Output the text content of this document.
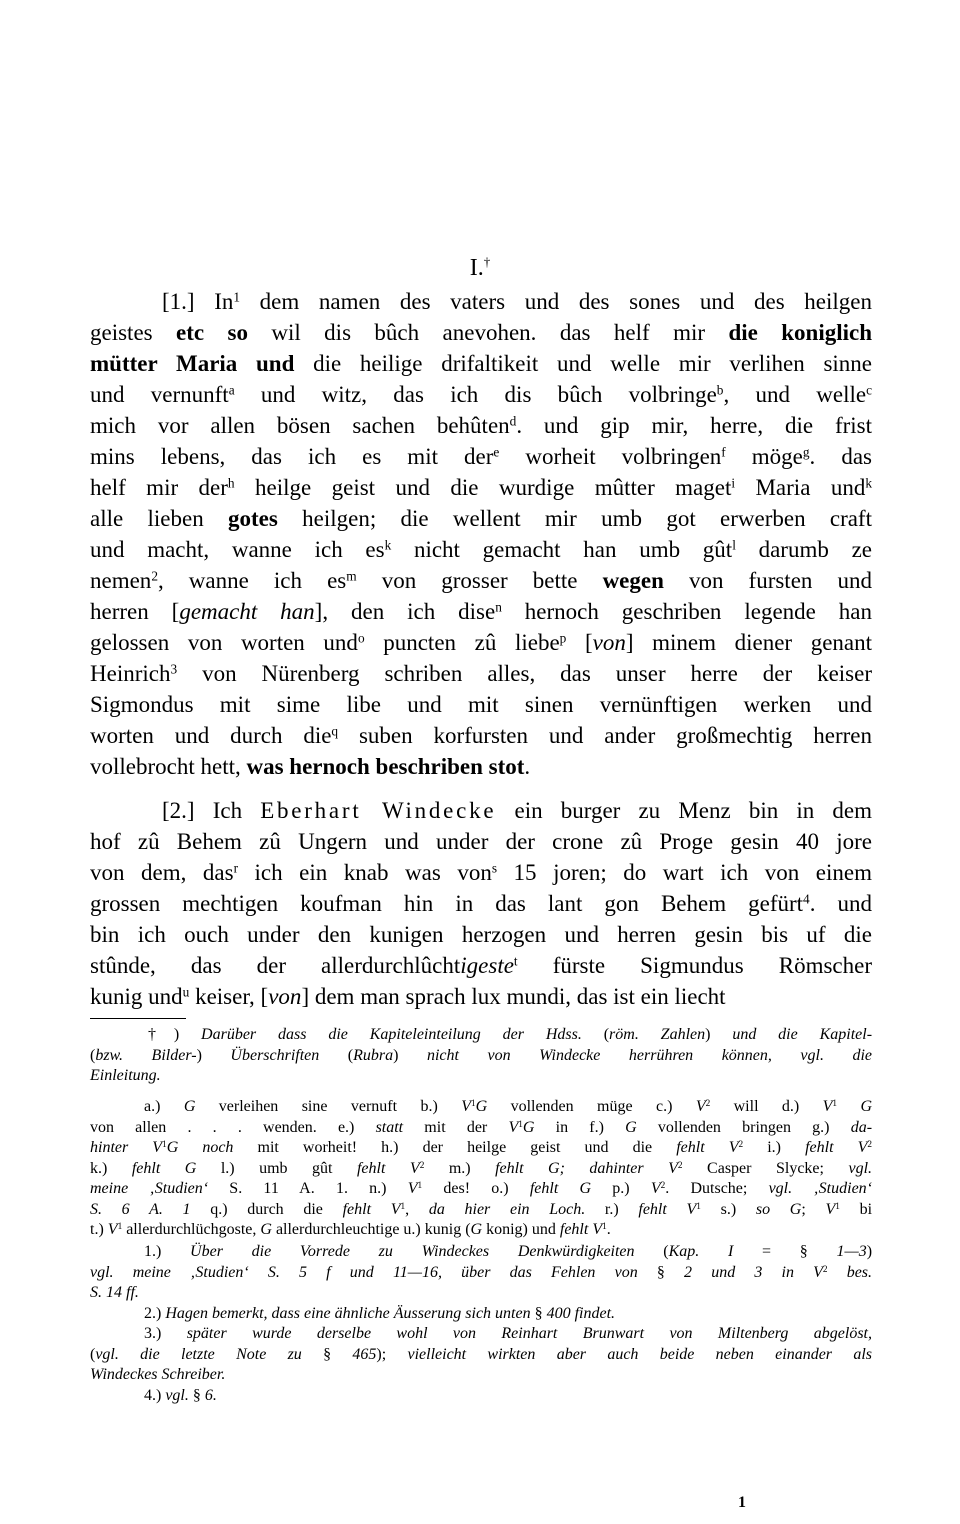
I.†
[1.] In$^1$ dem namen des vaters und des sones und des heilgen
geistes etc so wil dis bûch anevohen. das helf mir die koniglich
mütter Maria und die heilige drifaltikeit und welle mir verlihen sinne
und vernunft$^a$ und witz, das ich dis bûch volbringe$^b$, und welle$^c$
mich vor allen bösen sachen behûten$^d$. und gip mir, herre, die frist
mins lebens, das ich es mit der$^e$ worheit volbringen$^f$ möge$^g$. das
helf mir der$^h$ heilge geist und die wurdige mûtter maget$^i$ Maria und$^k$
alle lieben gotes heilgen; die wellent mir umb got erwerben craft
und macht, wanne ich $es^k$ nicht gemacht han umb gût$^l$ darumb ze
nemen$^2$, wanne ich $es^m$ von grosser bette wegen von fursten und
herren [gemacht han], den ich dise$^n$ hernoch geschriben legende han
gelossen von worten und$^o$ puncten zû liebe$^p$ [von] minem diener genant
Heinrich$^3$ von Nürenberg schriben alles, das unser herre der keiser
Sigmondus mit sime libe und mit sinen vernünftigen werken und
worten und durch die$^q$ suben korfursten und ander großmechtig herren
vollebrocht hett, was hernoch beschriben stot.
[2.] Ich Eberhart Windecke ein burger zu Menz bin in dem
hof zû Behem zû Ungern und under der crone zû Proge gesin 40 jore
von dem, das$^r$ ich ein knab was von$^s$ 15 joren; do wart ich von einem
grossen mechtigen koufman hin in das lant gon Behem gefürt$^4$. und
bin ich ouch under den kunigen herzogen und herren gesin bis uf die
stûnde, das der allerdurchlûchtigeste$^t$ fürste Sigmundus Römscher
kunig und$^u$ keiser, [von] dem man sprach lux mundi, das ist ein liecht
†) Darüber dass die Kapiteleinteilung der Hdss. (röm. Zahlen) und die Kapitel-
(bzw. Bilder-) Überschriften (Rubra) nicht von Windecke herrühren können, vgl. die
Einleitung.
a.) G verleihen sine vernuft b.) $V^1G$ vollenden müge c.) $V^2$ will d.) $V^1$ G
von allen . . . wenden. e.) statt mit der $V^1G$ in f.) G vollenden bringen g.) da-
hinter $V^1G$ noch mit worheit! h.) der heilge geist und die fehlt $V^2$ i.) fehlt $V^2$
k.) fehlt G l.) umb gût fehlt $V^2$ m.) fehlt G; dahinter $V^2$ Casper Slycke; vgl.
meine ‚Studien‘ S. 11 A. 1. n.) $V^1$ des! o.) fehlt G p.) $V^2$. Dutsche; vgl. ‚Studien‘
S. 6 A. 1 q.) durch die fehlt $V^1$, da hier ein Loch. r.) fehlt $V^1$ s.) so G; $V^1$ bi
t.) $V^1$ allerdurchlüchgoste, G allerdurchleuchtige u.) kunig (G konig) und fehlt $V^1$.
1.) Über die Vorrede zu Windeckes Denkwürdigkeiten (Kap. I = § 1—3)
vgl. meine ‚Studien‘ S. 5 f und 11—16, über das Fehlen von § 2 und 3 in $V^2$ bes.
S. 14 ff.
2.) Hagen bemerkt, dass eine ähnliche Äusserung sich unten § 400 findet.
3.) später wurde derselbe wohl von Reinhart Brunwart von Miltenberg abgelöst,
(vgl. die letzte Note zu § 465); vielleicht wirkten aber auch beide neben einander als
Windeckes Schreiber.
4.) vgl. § 6.
1
